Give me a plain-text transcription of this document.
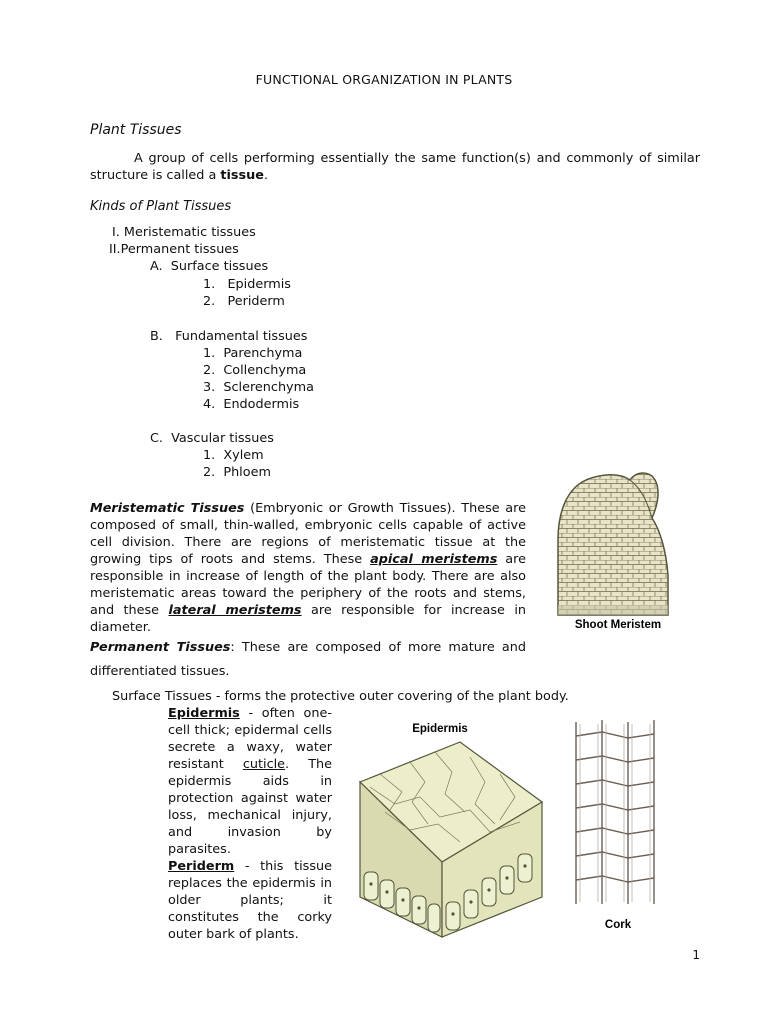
FUNCTIONAL ORGANIZATION IN PLANTS
Plant Tissues
A group of cells performing essentially the same function(s) and commonly of similar structure is called a tissue.
Kinds of Plant Tissues
I. Meristematic tissues
II.Permanent tissues
A. Surface tissues
1. Epidermis
2. Periderm
B. Fundamental tissues
1. Parenchyma
2. Collenchyma
3. Sclerenchyma
4. Endodermis
C. Vascular tissues
1. Xylem
2. Phloem
Meristematic Tissues (Embryonic or Growth Tissues). These are composed of small, thin-walled, embryonic cells capable of active cell division. There are regions of meristematic tissue at the growing tips of roots and stems. These apical meristems are responsible in increase of length of the plant body. There are also meristematic areas toward the periphery of the roots and stems, and these lateral meristems are responsible for increase in diameter.	Shoot Meristem
Permanent Tissues: These are composed of more mature and differentiated tissues.
Surface Tissues - forms the protective outer covering of the plant body.
Epidermis - often one-cell thick; epidermal cells secrete a waxy, water resistant cuticle. The epidermis aids in protection against water loss, mechanical injury, and invasion by parasites.
Periderm - this tissue replaces the epidermis in older plants; it constitutes the corky outer bark of plants.
Epidermis
Cork
1
